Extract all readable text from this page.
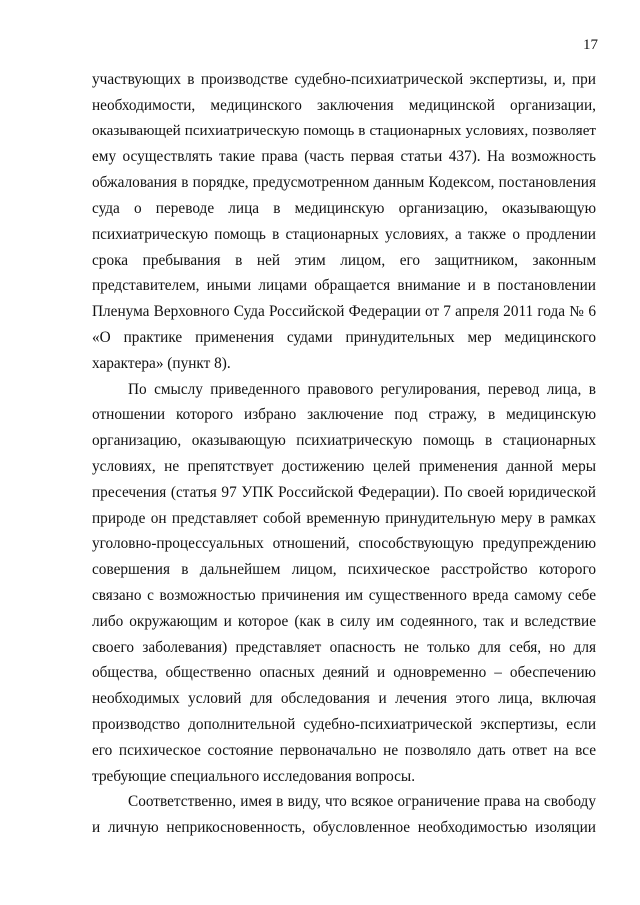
17
участвующих в производстве судебно-психиатрической экспертизы, и, при
необходимости, медицинского заключения медицинской организации,
оказывающей психиатрическую помощь в стационарных условиях, позволяет
ему осуществлять такие права (часть первая статьи 437). На возможность
обжалования в порядке, предусмотренном данным Кодексом, постановления
суда о переводе лица в медицинскую организацию, оказывающую
психиатрическую помощь в стационарных условиях, а также о продлении
срока пребывания в ней этим лицом, его защитником, законным
представителем, иными лицами обращается внимание и в постановлении
Пленума Верховного Суда Российской Федерации от 7 апреля 2011 года № 6
«О практике применения судами принудительных мер медицинского
характера» (пункт 8).
По смыслу приведенного правового регулирования, перевод лица, в
отношении которого избрано заключение под стражу, в медицинскую
организацию, оказывающую психиатрическую помощь в стационарных
условиях, не препятствует достижению целей применения данной меры
пресечения (статья 97 УПК Российской Федерации). По своей юридической
природе он представляет собой временную принудительную меру в рамках
уголовно-процессуальных отношений, способствующую предупреждению
совершения в дальнейшем лицом, психическое расстройство которого
связано с возможностью причинения им существенного вреда самому себе
либо окружающим и которое (как в силу им содеянного, так и вследствие
своего заболевания) представляет опасность не только для себя, но для
общества, общественно опасных деяний и одновременно – обеспечению
необходимых условий для обследования и лечения этого лица, включая
производство дополнительной судебно-психиатрической экспертизы, если
его психическое состояние первоначально не позволяло дать ответ на все
требующие специального исследования вопросы.
Соответственно, имея в виду, что всякое ограничение права на свободу
и личную неприкосновенность, обусловленное необходимостью изоляции
